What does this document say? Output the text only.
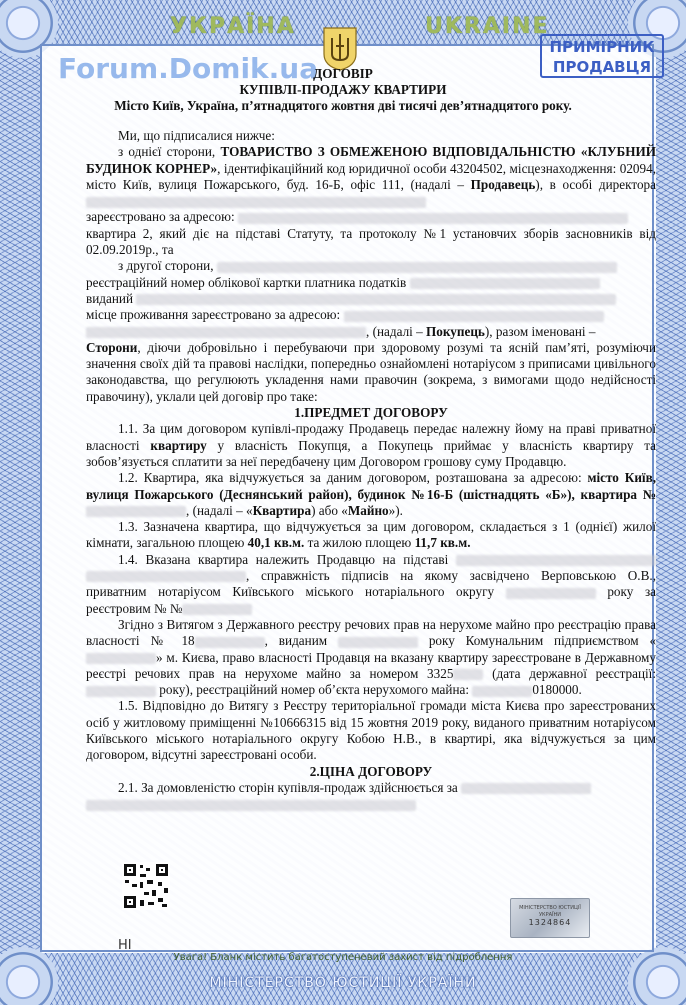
УКРАЇНА	UKRAINE
Forum.Domik.ua
ПРИМІРНИК ПРОДАВЦЯ
ДОГОВІР
КУПІВЛІ-ПРОДАЖУ КВАРТИРИ
Місто Київ, Україна, п’ятнадцятого жовтня дві тисячі дев’ятнадцятого року.
Ми, що підписалися нижче:
з однієї сторони, ТОВАРИСТВО З ОБМЕЖЕНОЮ ВІДПОВІДАЛЬНІСТЮ «КЛУБНИЙ БУДИНОК КОРНЕР», ідентифікаційний код юридичної особи 43204502, місцезнаходження: 02094, місто Київ, вулиця Пожарського, буд. 16-Б, офіс 111, (надалі – Продавець), в особі директора
зареєстровано за адресою:
квартира 2, який діє на підставі Статуту, та протоколу №1 установчих зборів засновників від 02.09.2019р., та
з другої сторони,
реєстраційний номер облікової картки платника податків
виданий
місце проживання зареєстровано за адресою:
, (надалі – Покупець), разом іменовані –
Сторони, діючи добровільно і перебуваючи при здоровому розумі та ясній пам’яті, розуміючи значення своїх дій та правові наслідки, попередньо ознайомлені нотаріусом з приписами цивільного законодавства, що регулюють укладення нами правочин (зокрема, з вимогами щодо недійсності правочину), уклали цей договір про таке:
1.ПРЕДМЕТ ДОГОВОРУ
1.1. За цим договором купівлі-продажу Продавець передає належну йому на праві приватної власності квартиру у власність Покупця, а Покупець приймає у власність квартиру та зобов’язується сплатити за неї передбачену цим Договором грошову суму Продавцю.
1.2. Квартира, яка відчужується за даним договором, розташована за адресою: місто Київ, вулиця Пожарського (Деснянський район), будинок №16-Б (шістнадцять «Б»), квартира №, (надалі – «Квартира) або «Майно»).
1.3. Зазначена квартира, що відчужується за цим договором, складається з 1 (однієї) жилої кімнати, загальною площею 40,1 кв.м. та жилою площею 11,7 кв.м.
1.4. Вказана квартира належить Продавцю на підставі  , справжність підписів на якому засвідчено Верповською О.В., приватним нотаріусом Київського міського нотаріального округу	року за реєстровим № №
Згідно з Витягом з Державного реєстру речових прав на нерухоме майно про реєстрацію права власності № 18	, виданим	року Комунальним підприємством «» м. Києва, право власності Продавця на вказану квартиру зареєстроване в Державному реєстрі речових прав на нерухоме майно за номером 3325	(дата державної реєстрації:  року), реєстраційний номер об’єкта нерухомого майна:	0180000.
1.5. Відповідно до Витягу з Реєстру територіальної громади міста Києва про зареєстрованих осіб у житловому приміщенні №10666315 від 15 жовтня 2019 року, виданого приватним нотаріусом Київського міського нотаріального округу Кобою Н.В., в квартирі, яка відчужується за цим договором, відсутні зареєстровані особи.
2.ЦІНА ДОГОВОРУ
2.1. За домовленістю сторін купівля-продаж здійснюється за
НІ
МІНІСТЕРСТВО ЮСТИЦІЇ УКРАЇНИ
1324864
Увага! Бланк містить багатоступеневий захист від підроблення
МІНІСТЕРСТВО ЮСТИЦІЇ УКРАЇНИ
